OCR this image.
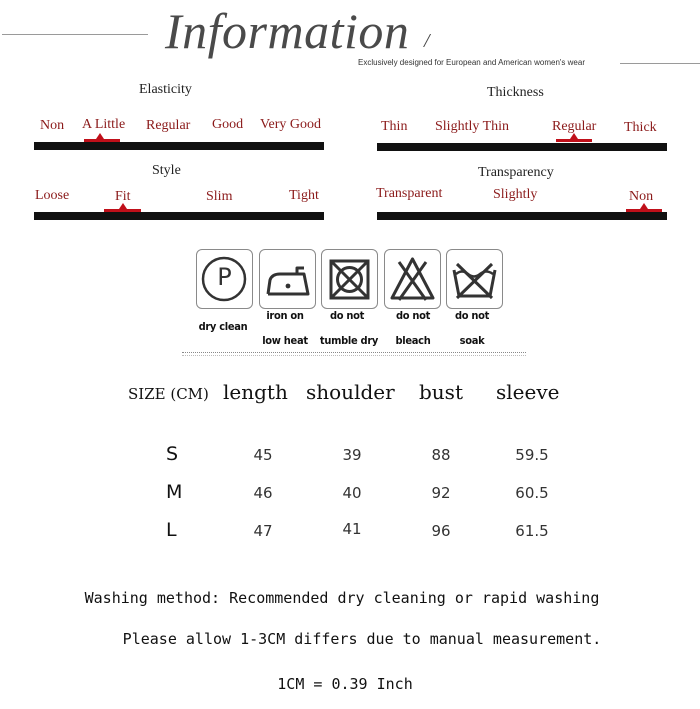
Information /
Exclusively designed for European and American women's wear
Elasticity
Non A Little Regular Good Very Good
Thickness
Thin Slightly Thin	Regular Thick
Style
Loose	Fit	Slim	Tight
Transparency
Transparent	Slightly	Non
P
dry clean
iron on
low heat
do not
tumble dry
do not
bleach
do not
soak
SIZE (CM) length shoulder bust sleeve
S	45	39	88	59.5
M	46	40	92	60.5
L	47	41	96	61.5
Washing method: Recommended dry cleaning or rapid washing
Please allow 1-3CM differs due to manual measurement.
1CM = 0.39 Inch
